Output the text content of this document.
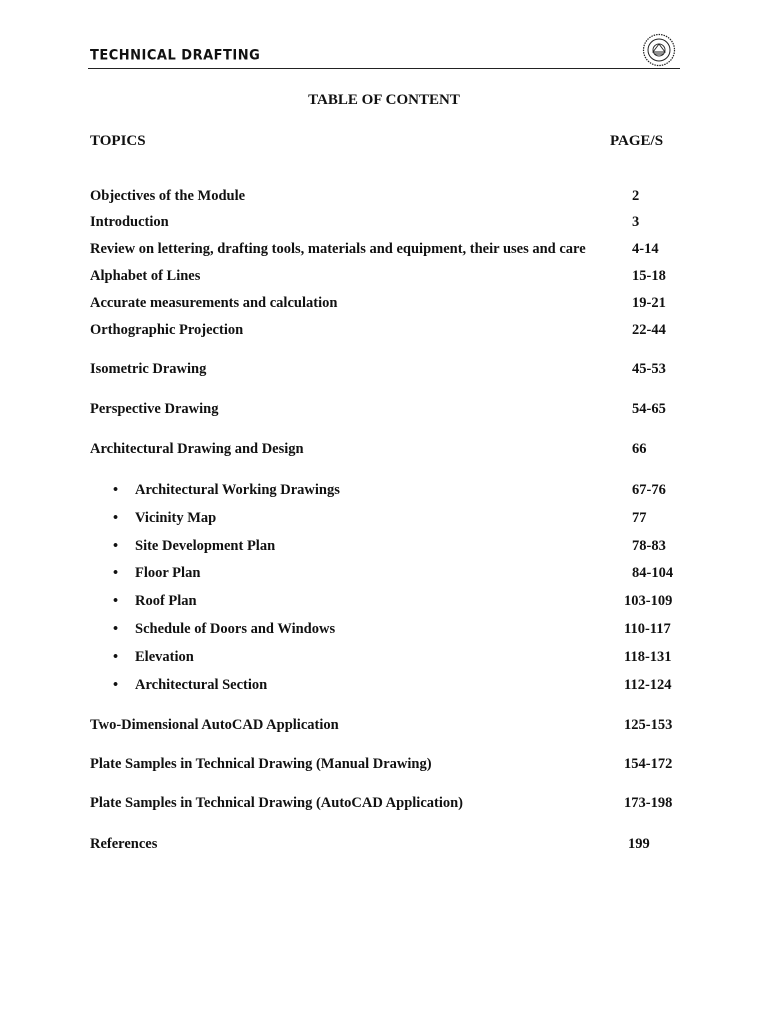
TECHNICAL DRAFTING
TABLE OF CONTENT
TOPICS	PAGE/S
Objectives of the Module	2
Introduction	3
Review on lettering, drafting tools, materials and equipment, their uses and care	4-14
Alphabet of Lines	15-18
Accurate measurements and calculation	19-21
Orthographic Projection	22-44
Isometric Drawing	45-53
Perspective Drawing	54-65
Architectural Drawing and Design	66
• Architectural Working Drawings	67-76
• Vicinity Map	77
• Site Development Plan	78-83
• Floor Plan	84-104
• Roof Plan	103-109
• Schedule of Doors and Windows	110-117
• Elevation	118-131
• Architectural Section	112-124
Two-Dimensional AutoCAD Application	125-153
Plate Samples in Technical Drawing (Manual Drawing)	154-172
Plate Samples in Technical Drawing (AutoCAD Application)	173-198
References	199
